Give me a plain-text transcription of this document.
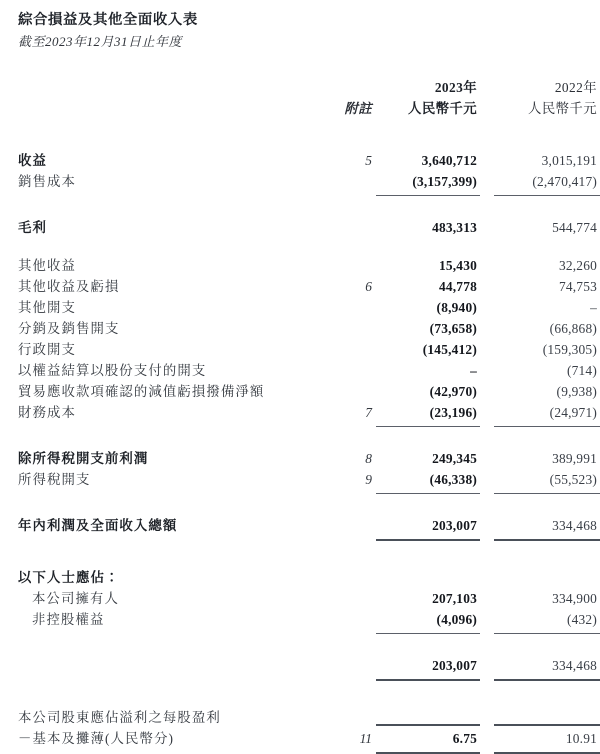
綜合損益及其他全面收入表
截至2023年12月31日止年度

		2023年		2022年
	附註	人民幣千元		人民幣千元

收益	5	3,640,712		3,015,191
銷售成本		(3,157,399)		(2,470,417)

毛利		483,313		544,774

其他收益		15,430		32,260
其他收益及虧損	6	44,778		74,753
其他開支		(8,940)		–
分銷及銷售開支		(73,658)		(66,868)
行政開支		(145,412)		(159,305)
以權益結算以股份支付的開支		–		(714)
貿易應收款項確認的減值虧損撥備淨額		(42,970)		(9,938)
財務成本	7	(23,196)		(24,971)

除所得稅開支前利潤	8	249,345		389,991
所得稅開支	9	(46,338)		(55,523)

年內利潤及全面收入總額		203,007		334,468

以下人士應佔：				
本公司擁有人		207,103		334,900
非控股權益		(4,096)		(432)

		203,007		334,468

本公司股東應佔溢利之每股盈利				
－基本及攤薄(人民幣分)	11	6.75		10.91
